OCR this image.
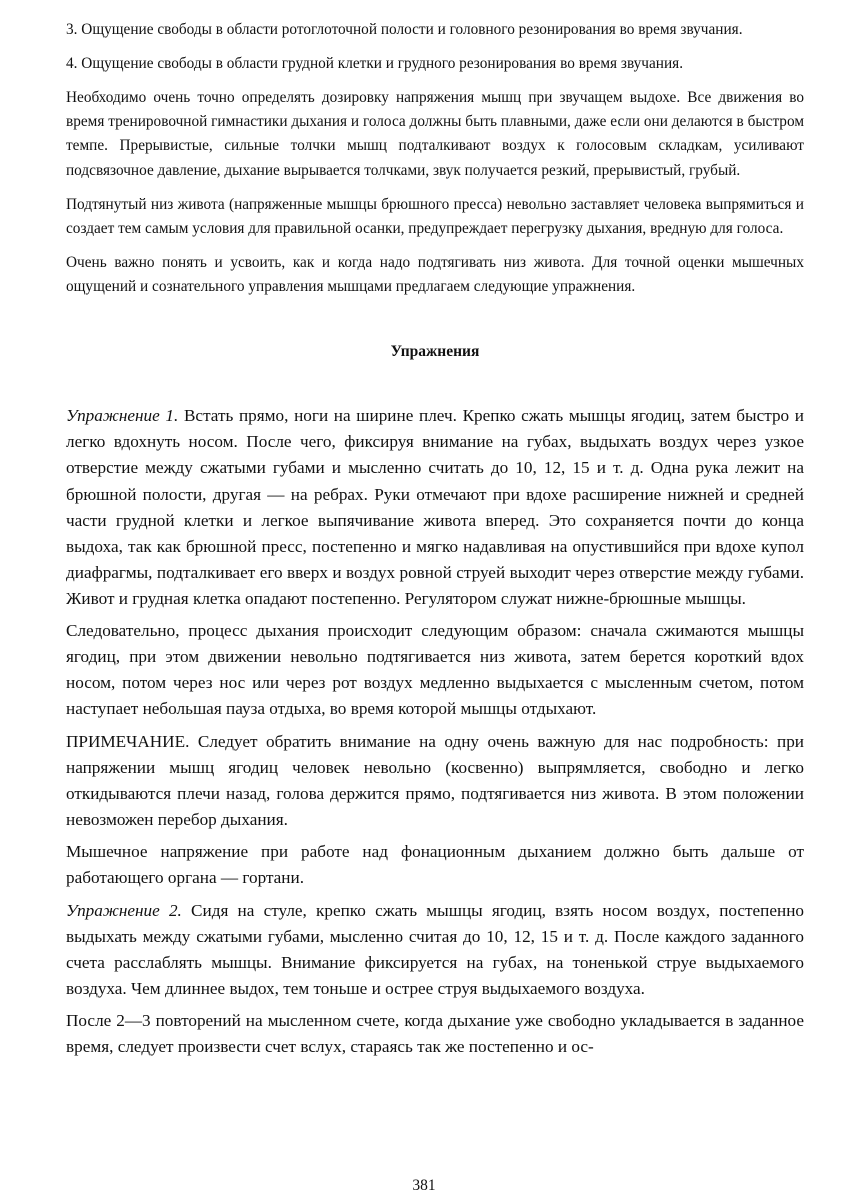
3. Ощущение свободы в области ротоглоточной полости и головного резонирования во время звучания.

4. Ощущение свободы в области грудной клетки и грудного резонирования во время звучания.

Необходимо очень точно определять дозировку напряжения мышц при звучащем выдохе. Все движения во время тренировочной гимнастики дыхания и голоса должны быть плавными, даже если они делаются в быстром темпе. Прерывистые, сильные толчки мышц подталкивают воздух к голосовым складкам, усиливают подсвязочное давление, дыхание вырывается толчками, звук получается резкий, прерывистый, грубый.

Подтянутый низ живота (напряженные мышцы брюшного пресса) невольно заставляет человека выпрямиться и создает тем самым условия для правильной осанки, предупреждает перегрузку дыхания, вредную для голоса.

Очень важно понять и усвоить, как и когда надо подтягивать низ живота. Для точной оценки мышечных ощущений и сознательного управления мышцами предлагаем следующие упражнения.

Упражнения

Упражнение 1. Встать прямо, ноги на ширине плеч. Крепко сжать мышцы ягодиц, затем быстро и легко вдохнуть носом. После чего, фиксируя внимание на губах, выдыхать воздух через узкое отверстие между сжатыми губами и мысленно считать до 10, 12, 15 и т. д. Одна рука лежит на брюшной полости, другая — на ребрах. Руки отмечают при вдохе расширение нижней и средней части грудной клетки и легкое выпячивание живота вперед. Это сохраняется почти до конца выдоха, так как брюшной пресс, постепенно и мягко надавливая на опустившийся при вдохе купол диафрагмы, подталкивает его вверх и воздух ровной струей выходит через отверстие между губами. Живот и грудная клетка опадают постепенно. Регулятором служат нижне-брюшные мышцы.

Следовательно, процесс дыхания происходит следующим образом: сначала сжимаются мышцы ягодиц, при этом движении невольно подтягивается низ живота, затем берется короткий вдох носом, потом через нос или через рот воздух медленно выдыхается с мысленным счетом, потом наступает небольшая пауза отдыха, во время которой мышцы отдыхают.

ПРИМЕЧАНИЕ. Следует обратить внимание на одну очень важную для нас подробность: при напряжении мышц ягодиц человек невольно (косвенно) выпрямляется, свободно и легко откидываются плечи назад, голова держится прямо, подтягивается низ живота. В этом положении невозможен перебор дыхания.

Мышечное напряжение при работе над фонационным дыханием должно быть дальше от работающего органа — гортани.

Упражнение 2. Сидя на стуле, крепко сжать мышцы ягодиц, взять носом воздух, постепенно выдыхать между сжатыми губами, мысленно считая до 10, 12, 15 и т. д. После каждого заданного счета расслаблять мышцы. Внимание фиксируется на губах, на тоненькой струе выдыхаемого воздуха. Чем длиннее выдох, тем тоньше и острее струя выдыхаемого воздуха.

После 2—3 повторений на мысленном счете, когда дыхание уже свободно укладывается в заданное время, следует произвести счет вслух, стараясь так же постепенно и ос-

381
